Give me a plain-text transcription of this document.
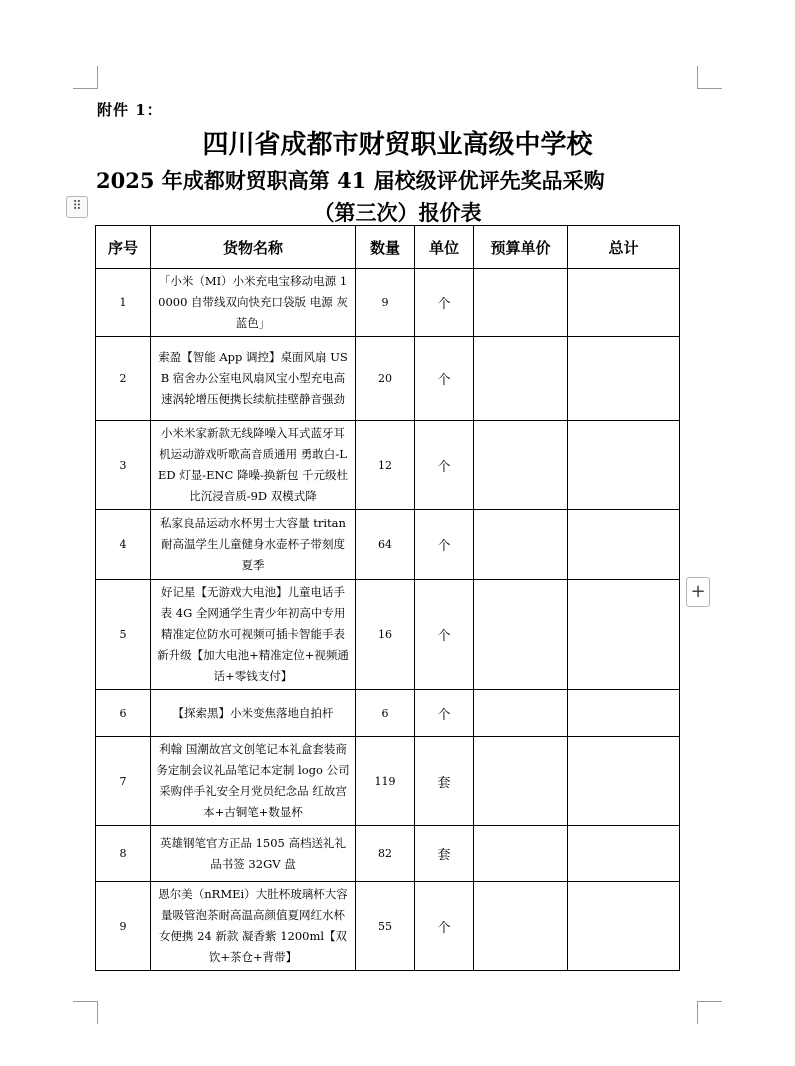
附件 1：
四川省成都市财贸职业高级中学校
2025 年成都财贸职高第 41 届校级评优评先奖品采购
（第三次）报价表
⠿
+
序号	货物名称	数量	单位	预算单价	总计
1	「小米（MI）小米充电宝移动电源 10000 自带线双向快充口袋版 电源 灰蓝色」	9	个		
2	索盈【智能 App 调控】桌面风扇 USB 宿舍办公室电风扇风宝小型充电高速涡轮增压便携长续航挂壁静音强劲	20	个		
3	小米米家新款无线降噪入耳式蓝牙耳机运动游戏听歌高音质通用 勇敢白-LED 灯显-ENC 降噪-换新包 千元级杜比沉浸音质-9D 双模式降	12	个		
4	私家良品运动水杯男士大容量 tritan 耐高温学生儿童健身水壶杯子带刻度夏季	64	个		
5	好记星【无游戏大电池】儿童电话手表 4G 全网通学生青少年初高中专用精准定位防水可视频可插卡智能手表 新升级【加大电池+精准定位+视频通话+零钱支付】	16	个		
6	【探索黑】小米变焦落地自拍杆	6	个		
7	利翰 国潮故宫文创笔记本礼盒套装商务定制会议礼品笔记本定制 logo 公司采购伴手礼安全月党员纪念品 红故宫本+古铜笔+数显杯	119	套		
8	英雄钢笔官方正品 1505 高档送礼礼品书签 32GV 盘	82	套		
9	恩尔美（nRMEi）大肚杯玻璃杯大容量吸管泡茶耐高温高颜值夏网红水杯女便携 24 新款 凝香紫 1200ml【双饮+茶仓+背带】	55	个		
